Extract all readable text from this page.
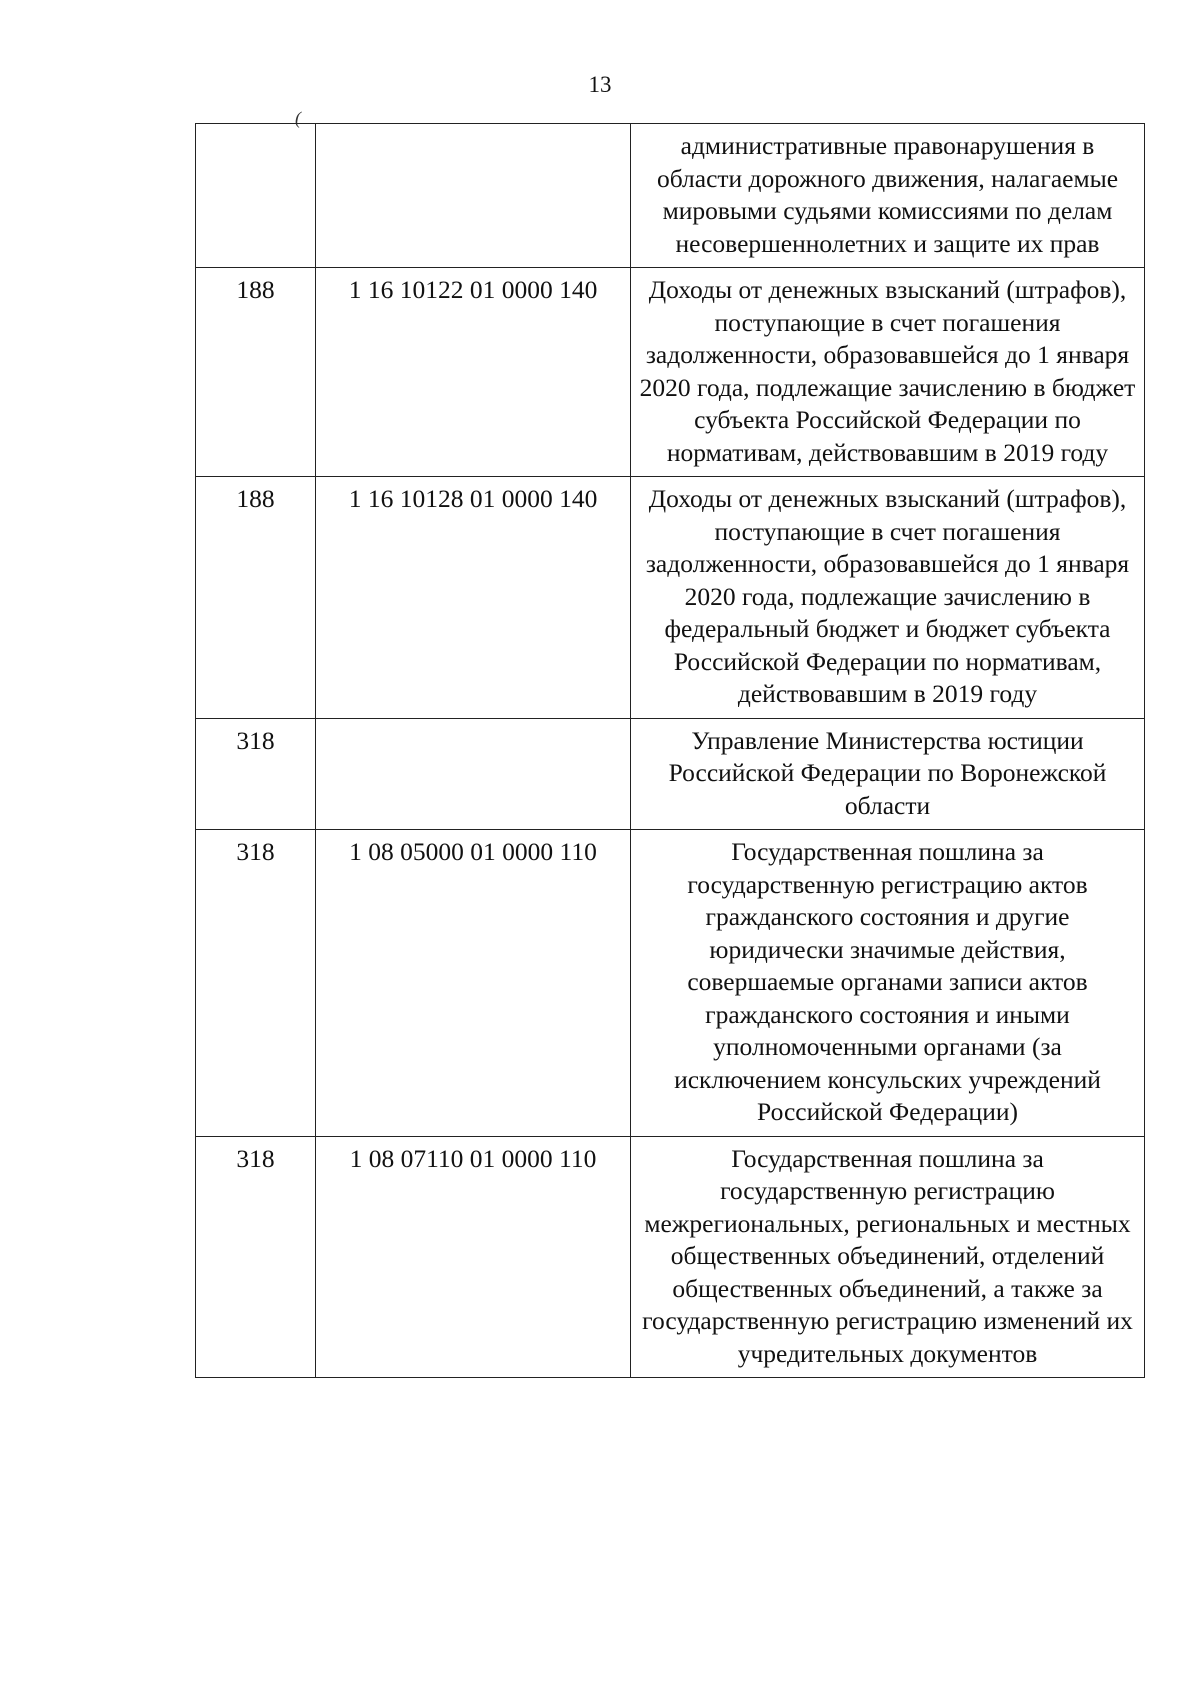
13
(
		административные правонарушения в области дорожного движения, налагаемые мировыми судьями комиссиями по делам несовершеннолетних и защите их прав
188	1 16 10122 01 0000 140	Доходы от денежных взысканий (штрафов), поступающие в счет погашения задолженности, образовавшейся до 1 января 2020 года, подлежащие зачислению в бюджет субъекта Российской Федерации по нормативам, действовавшим в 2019 году
188	1 16 10128 01 0000 140	Доходы от денежных взысканий (штрафов), поступающие в счет погашения задолженности, образовавшейся до 1 января 2020 года, подлежащие зачислению в федеральный бюджет и бюджет субъекта Российской Федерации по нормативам, действовавшим в 2019 году
318		Управление Министерства юстиции Российской Федерации по Воронежской области
318	1 08 05000 01 0000 110	Государственная пошлина за государственную регистрацию актов гражданского состояния и другие юридически значимые действия, совершаемые органами записи актов гражданского состояния и иными уполномоченными органами (за исключением консульских учреждений Российской Федерации)
318	1 08 07110 01 0000 110	Государственная пошлина за государственную регистрацию межрегиональных, региональных и местных общественных объединений, отделений общественных объединений, а также за государственную регистрацию изменений их учредительных документов
